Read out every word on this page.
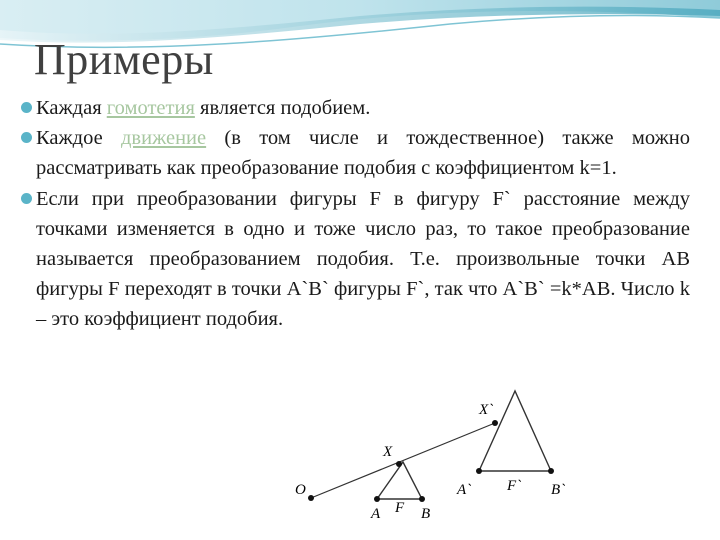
Примеры

Каждая гомотетия является подобием.

Каждое движение (в том числе и тождественное) также можно рассматривать как преобразование подобия с коэффициентом k=1.

Если при преобразовании фигуры F в фигуру F` расстояние между точками изменяется в одно и тоже число раз, то такое преобразование называется преобразованием подобия. Т.е. произвольные точки АВ фигуры F переходят в точки А`В` фигуры F`, так что А`В` =k*АВ. Число k – это коэффициент подобия.

O
X
X`
A F B
A` F` B`
